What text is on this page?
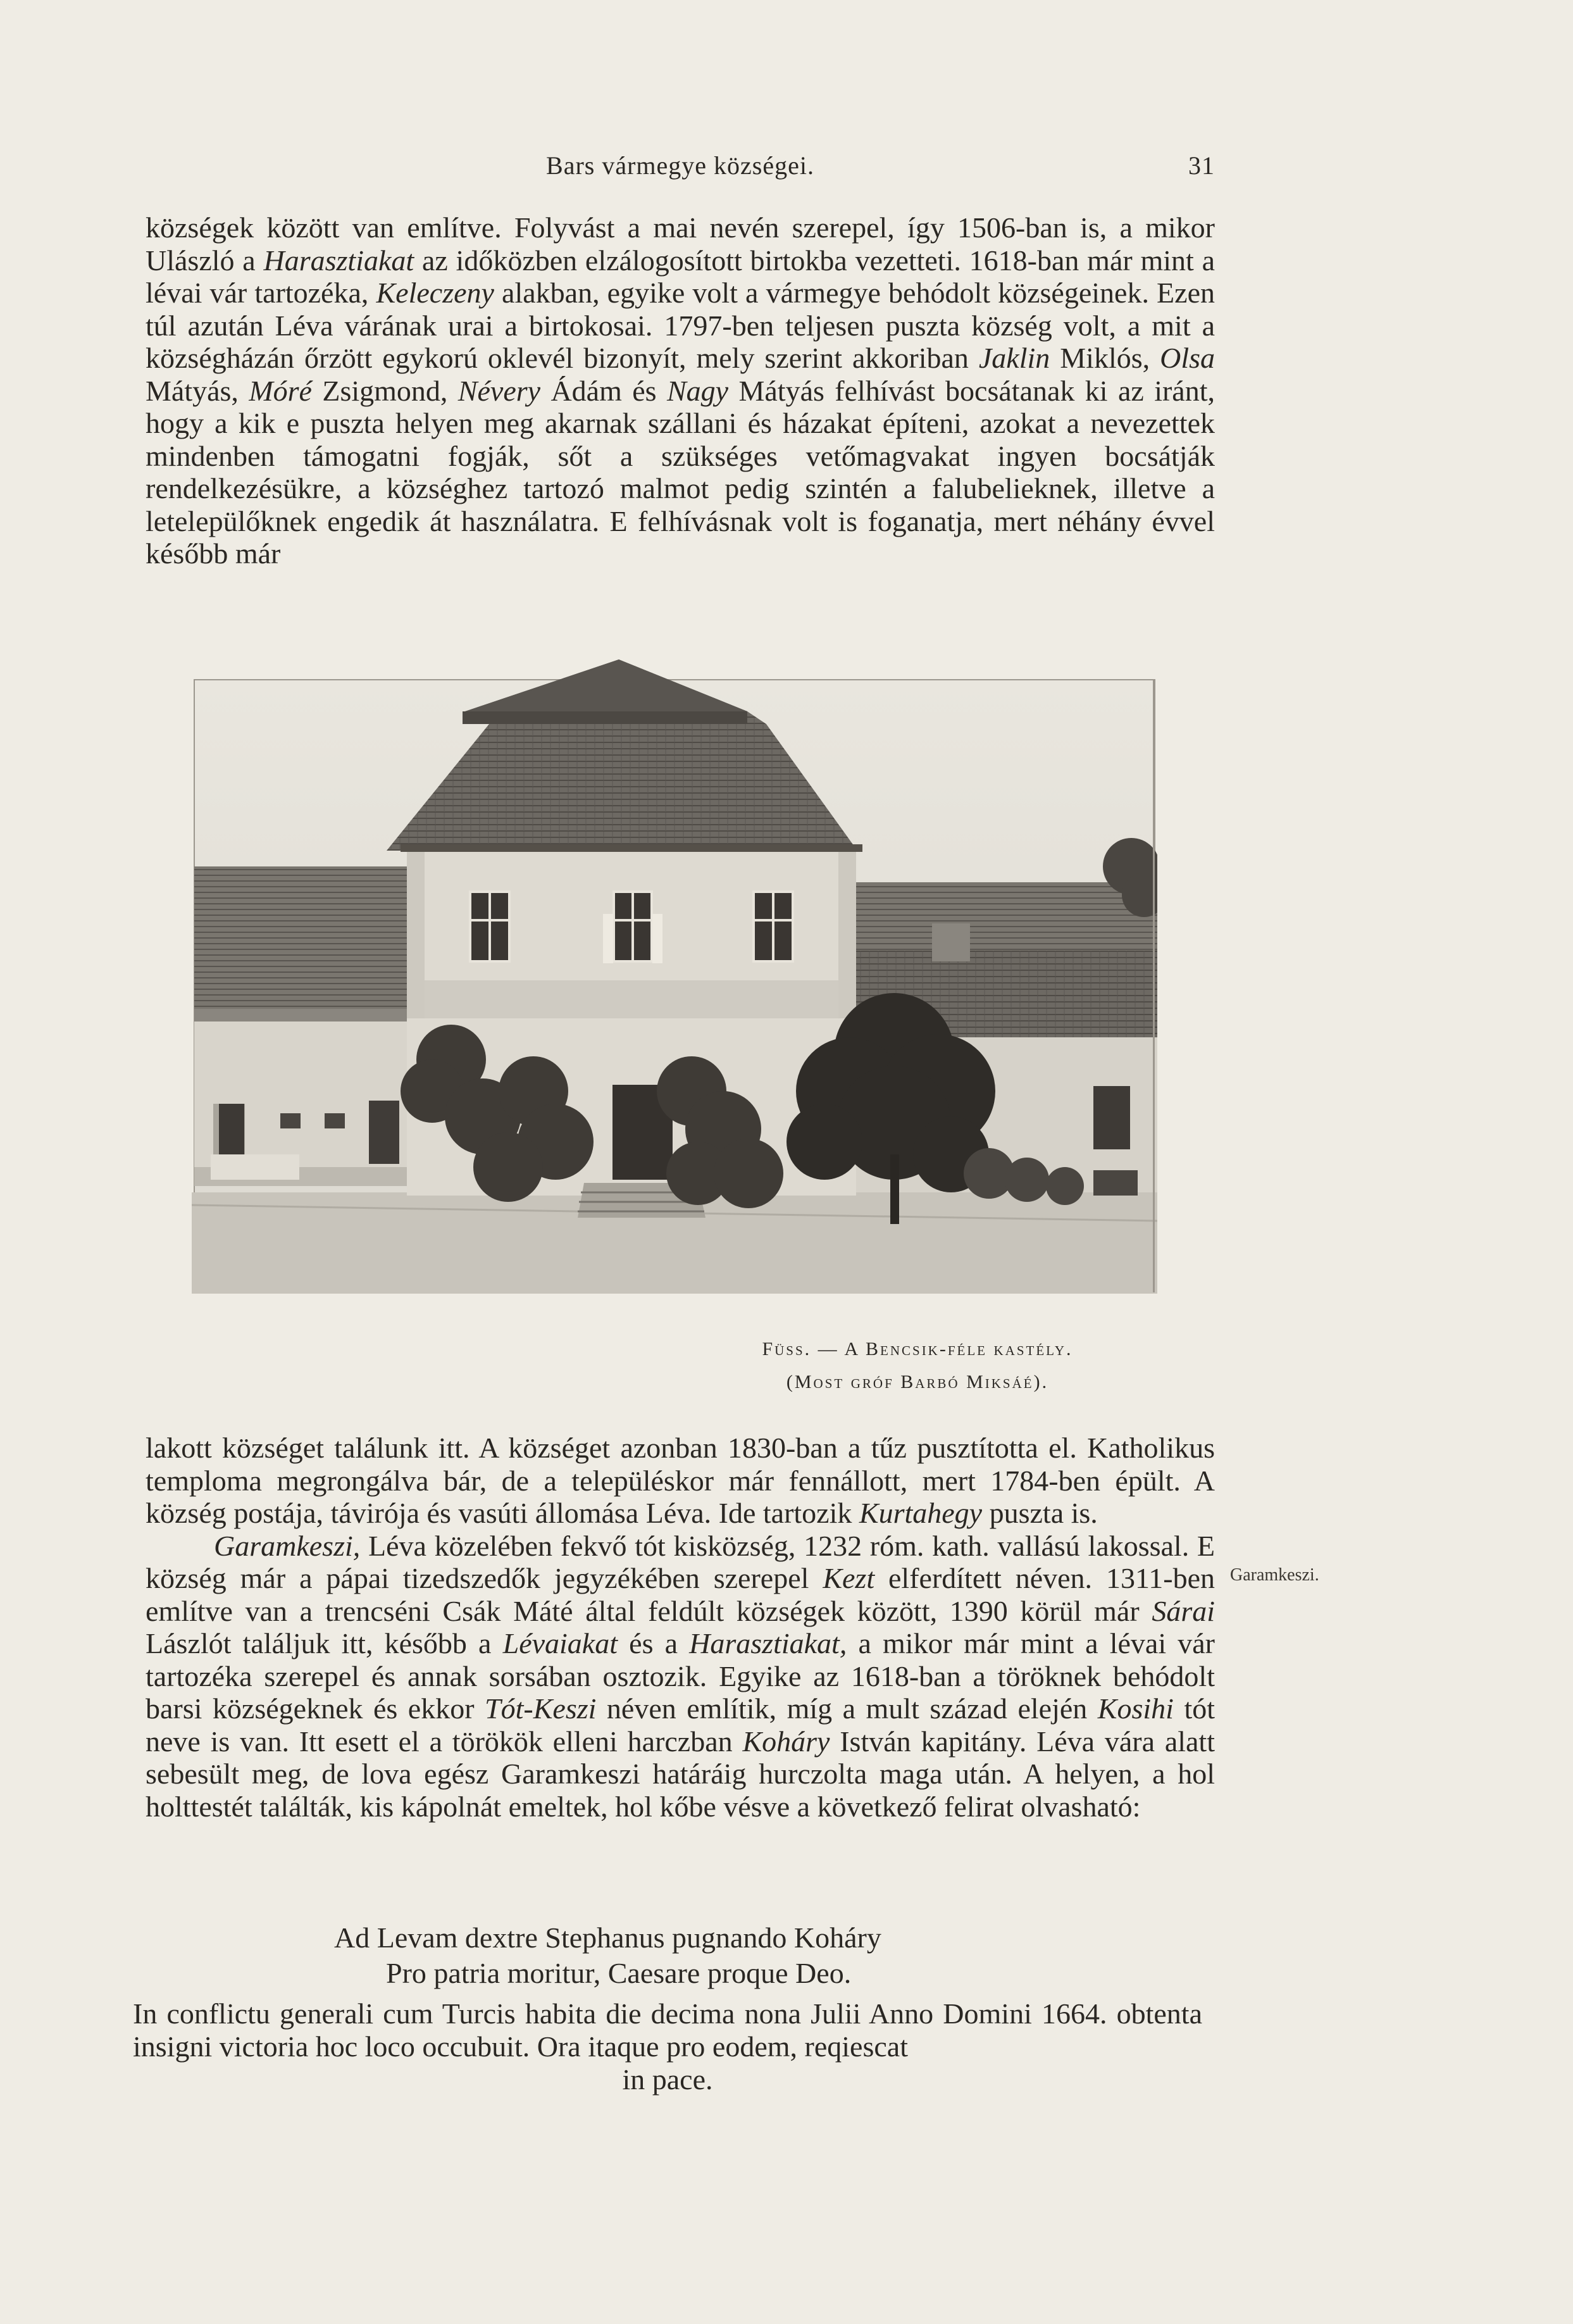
Bars vármegye községei.	31

községek között van említve. Folyvást a mai nevén szerepel, így 1506-ban is, a mikor Ulászló a Harasztiakat az időközben elzálogosított birtokba vezetteti. 1618-ban már mint a lévai vár tartozéka, Keleczeny alakban, egyike volt a vármegye behódolt községeinek. Ezen túl azután Léva várának urai a birtokosai. 1797-ben teljesen puszta község volt, a mit a községházán őrzött egykorú oklevél bizonyít, mely szerint akkoriban Jaklin Miklós, Olsa Mátyás, Móré Zsigmond, Névery Ádám és Nagy Mátyás felhívást bocsátanak ki az iránt, hogy a kik e puszta helyen meg akarnak szállani és házakat építeni, azokat a nevezettek mindenben támogatni fogják, sőt a szükséges vetőmagvakat ingyen bocsátják rendelkezésükre, a községhez tartozó malmot pedig szintén a falubelieknek, illetve a letelepülőknek engedik át használatra. E felhívásnak volt is foganatja, mert néhány évvel később már

Füss. — A Bencsik-féle kastély.
(Most gróf Barbó Miksáé).

lakott községet találunk itt. A községet azonban 1830-ban a tűz pusztította el. Katholikus temploma megrongálva bár, de a településkor már fennállott, mert 1784-ben épült. A község postája, távirója és vasúti állomása Léva. Ide tartozik Kurtahegy puszta is.

Garamkeszi, Léva közelében fekvő tót kisközség, 1232 róm. kath. vallású lakossal. E község már a pápai tizedszedők jegyzékében szerepel Kezt elferdített néven. 1311-ben említve van a trencséni Csák Máté által feldúlt községek között, 1390 körül már Sárai Lászlót találjuk itt, később a Lévaiakat és a Harasztiakat, a mikor már mint a lévai vár tartozéka szerepel és annak sorsában osztozik. Egyike az 1618-ban a töröknek behódolt barsi községeknek és ekkor Tót-Keszi néven említik, míg a mult század elején Kosihi tót neve is van. Itt esett el a törökök elleni harczban Koháry István kapitány. Léva vára alatt sebesült meg, de lova egész Garamkeszi határáig hurczolta maga után. A helyen, a hol holttestét találták, kis kápolnát emeltek, hol kőbe vésve a következő felirat olvasható:

Garamkeszi.
Ad Levam dextre Stephanus pugnando Koháry
Pro patria moritur, Caesare proque Deo.
In conflictu generali cum Turcis habita die decima nona Julii Anno Domini 1664. obtenta insigni victoria hoc loco occubuit. Ora itaque pro eodem, reqiescat
in pace.
